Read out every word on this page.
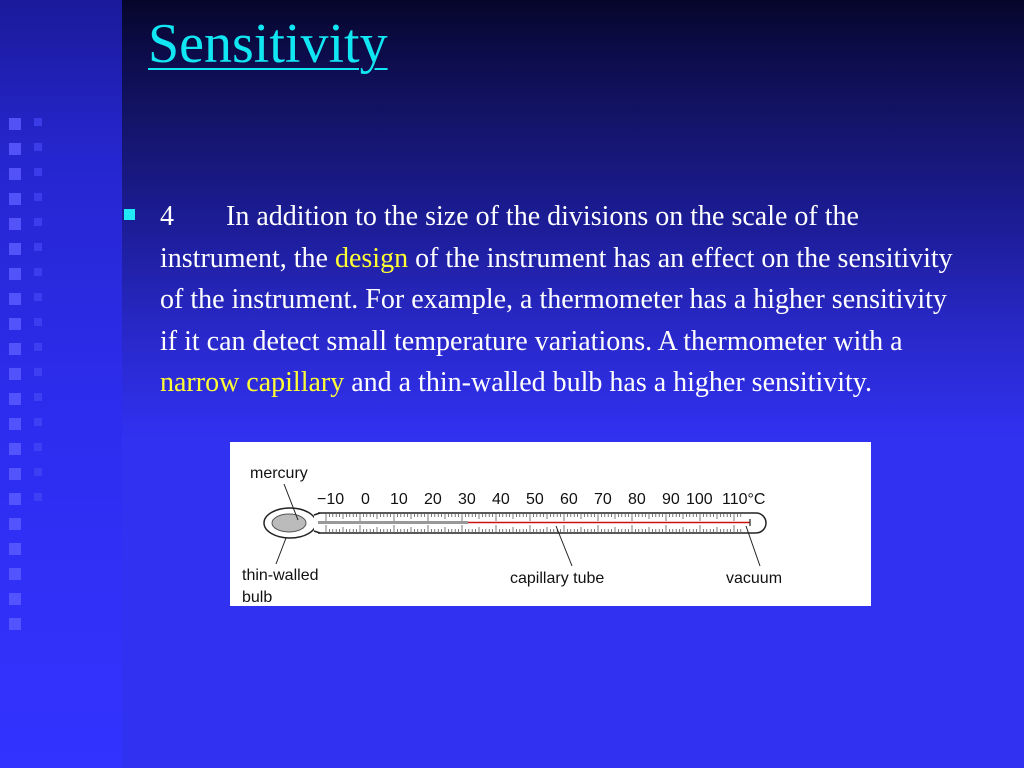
Sensitivity

4 In addition to the size of the divisions on the scale of the instrument, the design of the instrument has an effect on the sensitivity of the instrument. For example, a thermometer has a higher sensitivity if it can detect small temperature variations. A thermometer with a narrow capillary and a thin-walled bulb has a higher sensitivity.

−10 0 10 20 30 40 50 60 70 80 90 100 110°C
mercury
thin-walled
bulb
capillary tube	vacuum
